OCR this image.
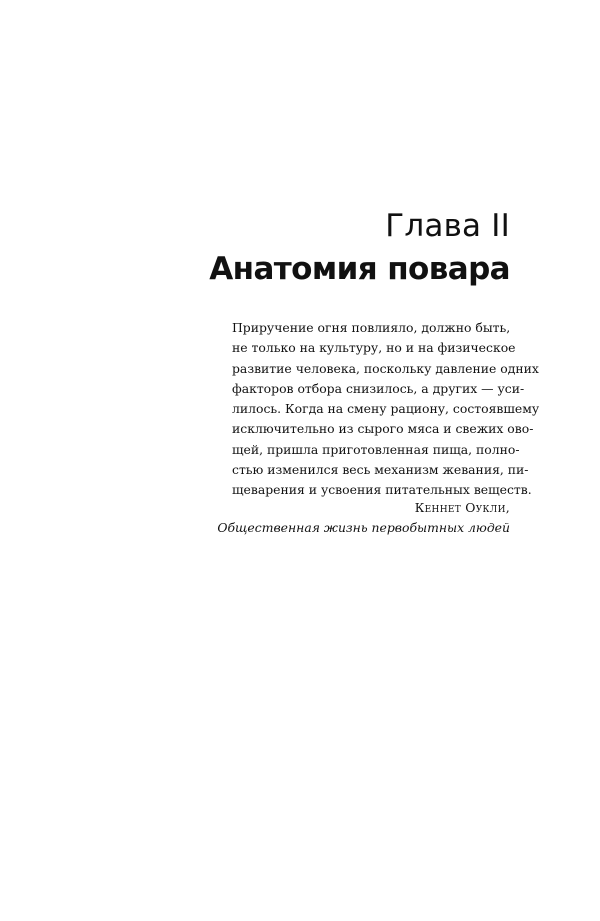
Глава II
Анатомия повара
Приручение огня повлияло, должно быть,
не только на культуру, но и на физическое
развитие человека, поскольку давление одних
факторов отбора снизилось, а других — уси-
лилось. Когда на смену рациону, состоявшему
исключительно из сырого мяса и свежих ово-
щей, пришла приготовленная пища, полно-
стью изменился весь механизм жевания, пи-
щеварения и усвоения питательных веществ.
Кеннет Оукли,
Общественная жизнь первобытных людей
